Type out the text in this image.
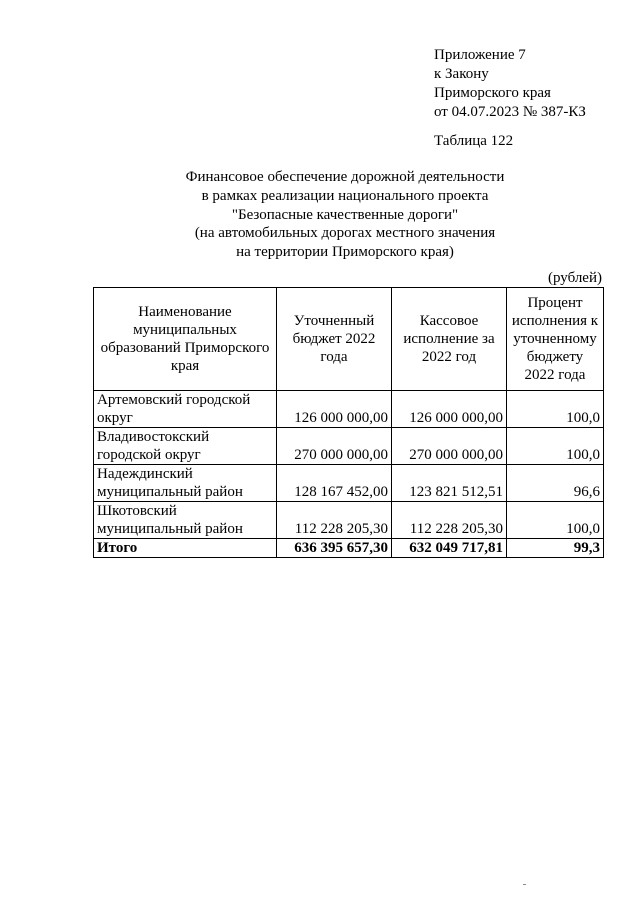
Приложение 7
к Закону
Приморского края
от 04.07.2023 № 387-КЗ
Таблица 122
Финансовое обеспечение дорожной деятельности
в рамках реализации национального проекта
"Безопасные качественные дороги"
(на автомобильных дорогах местного значения
на территории Приморского края)
(рублей)
Наименование муниципальных образований Приморского края	Уточненный бюджет 2022 года	Кассовое исполнение за 2022 год	Процент исполнения к уточненному бюджету 2022 года
Артемовский городской округ	126 000 000,00	126 000 000,00	100,0
Владивостокский городской округ	270 000 000,00	270 000 000,00	100,0
Надеждинский муниципальный район	128 167 452,00	123 821 512,51	96,6
Шкотовский муниципальный район	112 228 205,30	112 228 205,30	100,0
Итого	636 395 657,30	632 049 717,81	99,3
